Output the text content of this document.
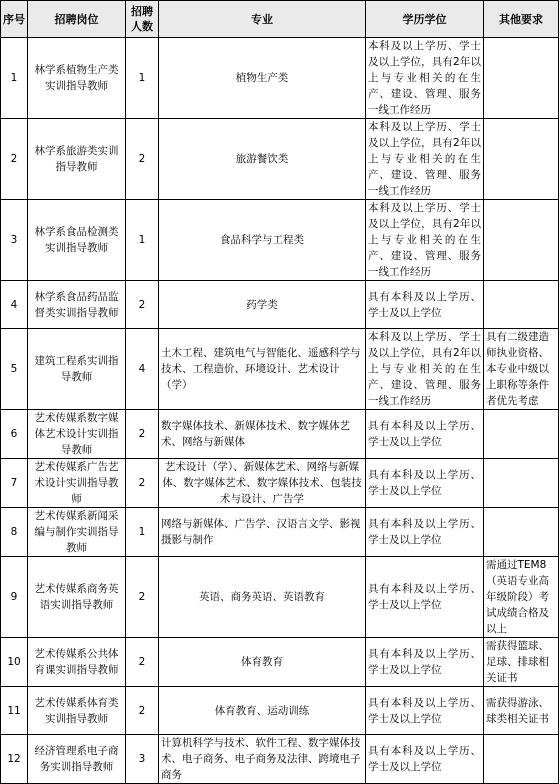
序号	招聘岗位	招聘人数	专业	学历学位	其他要求
1	林学系植物生产类实训指导教师	1	植物生产类	本科及以上学历、学士及以上学位，具有2年以上与专业相关的在生产、建设、管理、服务一线工作经历	
2	林学系旅游类实训指导教师	2	旅游餐饮类	本科及以上学历、学士及以上学位，具有2年以上与专业相关的在生产、建设、管理、服务一线工作经历	
3	林学系食品检测类实训指导教师	1	食品科学与工程类	本科及以上学历、学士及以上学位，具有2年以上与专业相关的在生产、建设、管理、服务一线工作经历	
4	林学系食品药品监督类实训指导教师	2	药学类	具有本科及以上学历、学士及以上学位	
5	建筑工程系实训指导教师	4	土木工程、建筑电气与智能化、遥感科学与技术、工程造价、环境设计、艺术设计（学）	本科及以上学历、学士及以上学位，具有2年以上与专业相关的在生产、建设、管理、服务一线工作经历	具有二级建造师执业资格、本专业中级以上职称等条件者优先考虑
6	艺术传媒系数字媒体艺术设计实训指导教师	2	数字媒体技术、新媒体技术、数字媒体艺术、网络与新媒体	具有本科及以上学历、学士及以上学位	
7	艺术传媒系广告艺术设计实训指导教师	2	艺术设计（学）、新媒体艺术、网络与新媒体、数字媒体艺术、数字媒体技术、包装技术与设计、广告学	具有本科及以上学历、学士及以上学位	
8	艺术传媒系新闻采编与制作实训指导教师	1	网络与新媒体、广告学、汉语言文学、影视摄影与制作	具有本科及以上学历、学士及以上学位	
9	艺术传媒系商务英语实训指导教师	2	英语、商务英语、英语教育	具有本科及以上学历、学士及以上学位	需通过TEM8（英语专业高年级阶段）考试成绩合格及以上
10	艺术传媒系公共体育课实训指导教师	2	体育教育	具有本科及以上学历、学士及以上学位	需获得篮球、足球、排球相关证书
11	艺术传媒系体育类实训指导教师	2	体育教育、运动训练	具有本科及以上学历、学士及以上学位	需获得游泳、球类相关证书
12	经济管理系电子商务实训指导教师	3	计算机科学与技术、软件工程、数字媒体技术、电子商务、电子商务及法律、跨境电子商务	具有本科及以上学历、学士及以上学位	
